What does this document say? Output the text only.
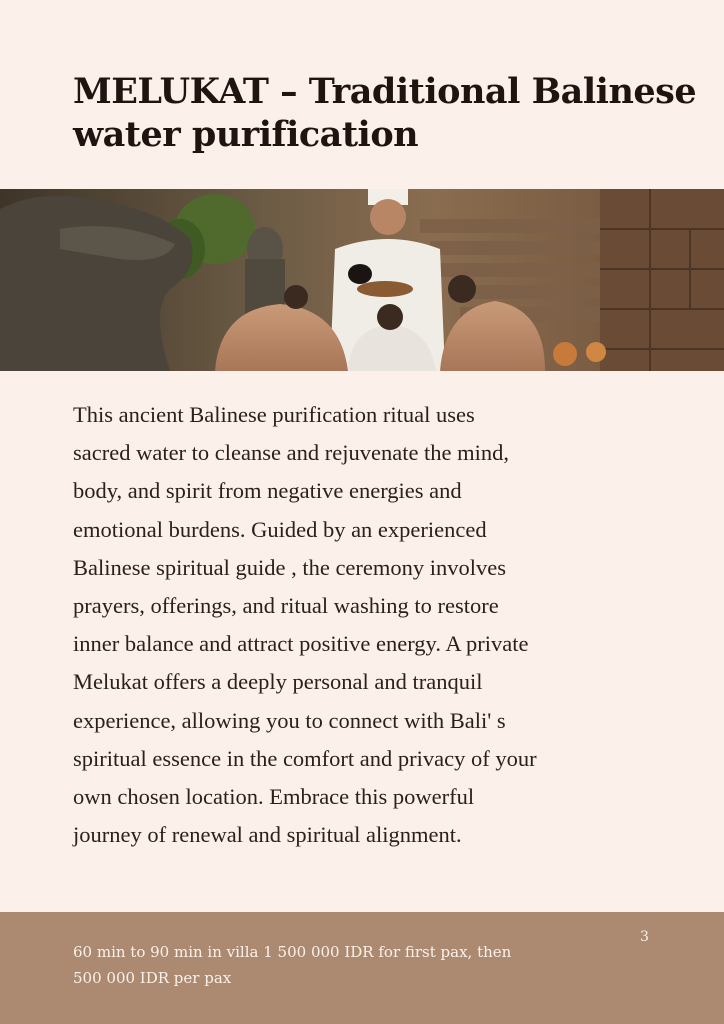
MELUKAT – Traditional Balinese
water purification
This ancient Balinese purification ritual uses
sacred water to cleanse and rejuvenate the mind,
body, and spirit from negative energies and
emotional burdens. Guided by an experienced
Balinese spiritual guide , the ceremony involves
prayers, offerings, and ritual washing to restore
inner balance and attract positive energy. A private
Melukat offers a deeply personal and tranquil
experience, allowing you to connect with Bali' s
spiritual essence in the comfort and privacy of your
own chosen location. Embrace this powerful
journey of renewal and spiritual alignment.
60 min to 90 min in villa 1 500 000 IDR for first pax, then
500 000 IDR per pax
3
